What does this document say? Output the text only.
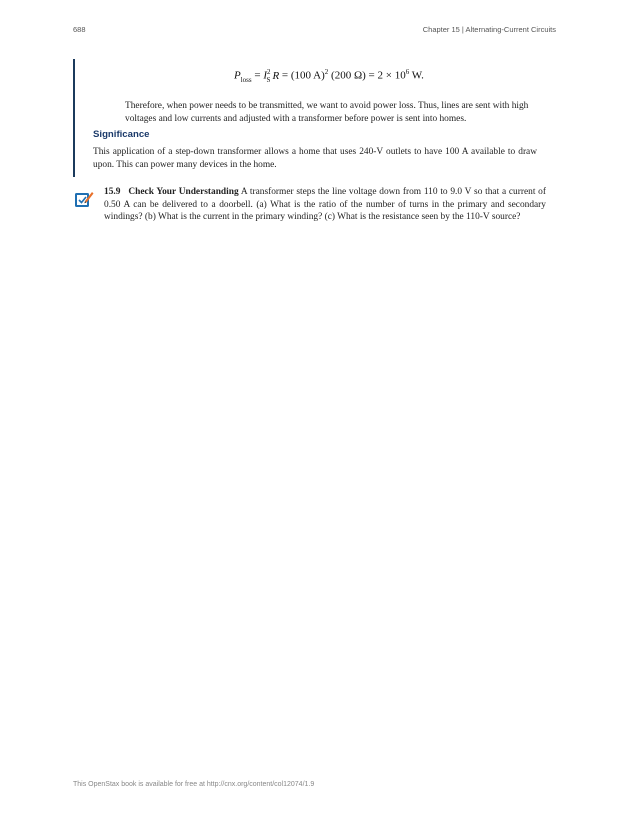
688	Chapter 15 | Alternating-Current Circuits
$P_{loss} = I^2_S$ R = (100 A)$^2$ (200 $\Omega) = 2 \times 10^6$ W.

Therefore, when power needs to be transmitted, we want to avoid power loss. Thus, lines are sent with high voltages and low currents and adjusted with a transformer before power is sent into homes.

Significance

This application of a step-down transformer allows a home that uses 240-V outlets to have 100 A available to draw upon. This can power many devices in the home.

15.9 Check Your Understanding A transformer steps the line voltage down from 110 to 9.0 V so that a current of 0.50 A can be delivered to a doorbell. (a) What is the ratio of the number of turns in the primary and secondary windings? (b) What is the current in the primary winding? (c) What is the resistance seen by the 110-V source?

This OpenStax book is available for free at http://cnx.org/content/col12074/1.9
